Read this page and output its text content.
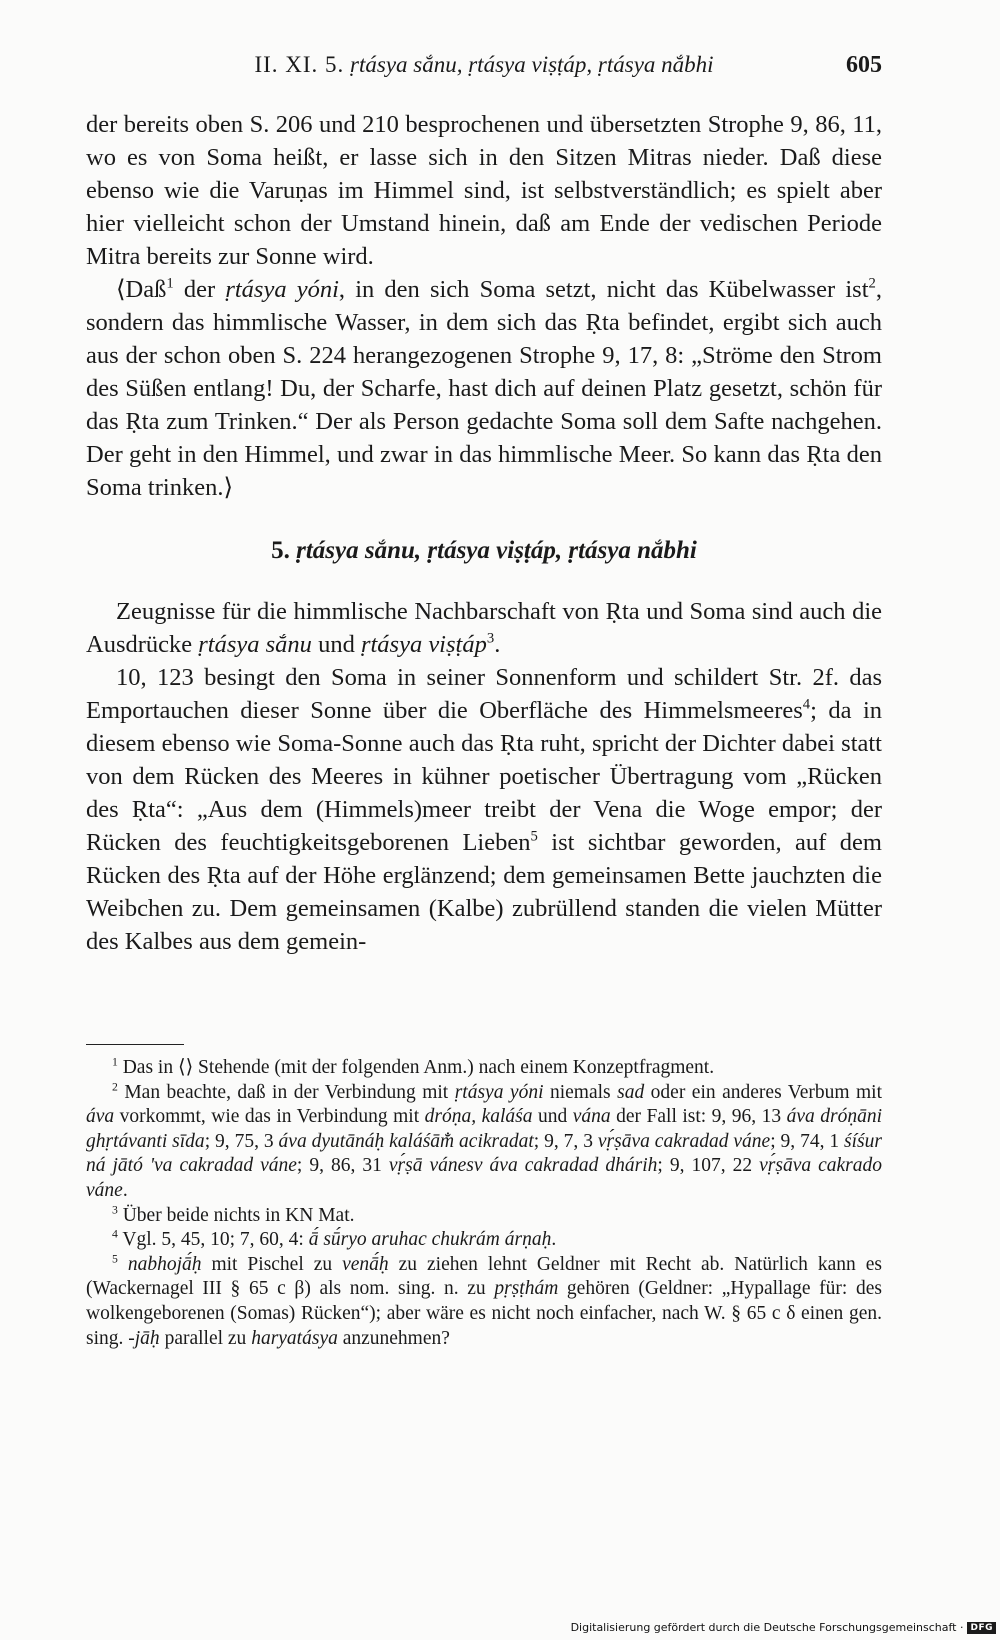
II. XI. 5. ṛtásya sắnu, ṛtásya viṣṭáp, ṛtásya nắbhi	605

der bereits oben S. 206 und 210 besprochenen und übersetzten Strophe 9, 86, 11, wo es von Soma heißt, er lasse sich in den Sitzen Mitras nieder. Daß diese ebenso wie die Varuṇas im Himmel sind, ist selbstverständlich; es spielt aber hier vielleicht schon der Umstand hinein, daß am Ende der vedischen Periode Mitra bereits zur Sonne wird.

⟨Daß$^1$ der ṛtásya yóni, in den sich Soma setzt, nicht das Kübelwasser ist$^2$, sondern das himmlische Wasser, in dem sich das Ṛta befindet, ergibt sich auch aus der schon oben S. 224 herangezogenen Strophe 9, 17, 8: „Ströme den Strom des Süßen entlang! Du, der Scharfe, hast dich auf deinen Platz gesetzt, schön für das Ṛta zum Trinken.“ Der als Person gedachte Soma soll dem Safte nachgehen. Der geht in den Himmel, und zwar in das himmlische Meer. So kann das Ṛta den Soma trinken.⟩

5. ṛtásya sắnu, ṛtásya viṣṭáp, ṛtásya nắbhi

Zeugnisse für die himmlische Nachbarschaft von Ṛta und Soma sind auch die Ausdrücke ṛtásya sắnu und ṛtásya viṣṭáp$^3$.

10, 123 besingt den Soma in seiner Sonnenform und schildert Str. 2f. das Emportauchen dieser Sonne über die Oberfläche des Himmelsmeeres$^4$; da in diesem ebenso wie Soma-Sonne auch das Ṛta ruht, spricht der Dichter dabei statt von dem Rücken des Meeres in kühner poetischer Übertragung vom „Rücken des Ṛta“: „Aus dem (Himmels)meer treibt der Vena die Woge empor; der Rücken des feuchtigkeitsgeborenen Lieben$^5$ ist sichtbar geworden, auf dem Rücken des Ṛta auf der Höhe erglänzend; dem gemeinsamen Bette jauchzten die Weibchen zu. Dem gemeinsamen (Kalbe) zubrüllend standen die vielen Mütter des Kalbes aus dem gemein-

$^1$ Das in ⟨⟩ Stehende (mit der folgenden Anm.) nach einem Konzeptfragment.

$^2$ Man beachte, daß in der Verbindung mit ṛtásya yóni niemals sad oder ein anderes Verbum mit áva vorkommt, wie das in Verbindung mit dróṇa, kaláśa und vána der Fall ist: 9, 96, 13 áva dróṇāni ghṛtávanti sīda; 9, 75, 3 áva dyutānáḥ kaláśām̐ acikradat; 9, 7, 3 vṛ́ṣāva cakradad váne; 9, 74, 1 śíśur ná jātó 'va cakradad váne; 9, 86, 31 vṛ́ṣā vánesv áva cakradad dhárih; 9, 107, 22 vṛ́ṣāva cakrado váne.

$^3$ Über beide nichts in KN Mat.

$^4$ Vgl. 5, 45, 10; 7, 60, 4: ā́ sū́ryo aruhac chukrám árṇaḥ.

$^5$ nabhojā́ḥ mit Pischel zu venā́ḥ zu ziehen lehnt Geldner mit Recht ab. Natürlich kann es (Wackernagel III § 65 c β) als nom. sing. n. zu pṛṣṭhám gehören (Geldner: „Hypallage für: des wolkengeborenen (Somas) Rücken“); aber wäre es nicht noch einfacher, nach W. § 65 c δ einen gen. sing. -jāḥ parallel zu haryatásya anzunehmen?

Digitalisierung gefördert durch die Deutsche Forschungsgemeinschaft · DFG
